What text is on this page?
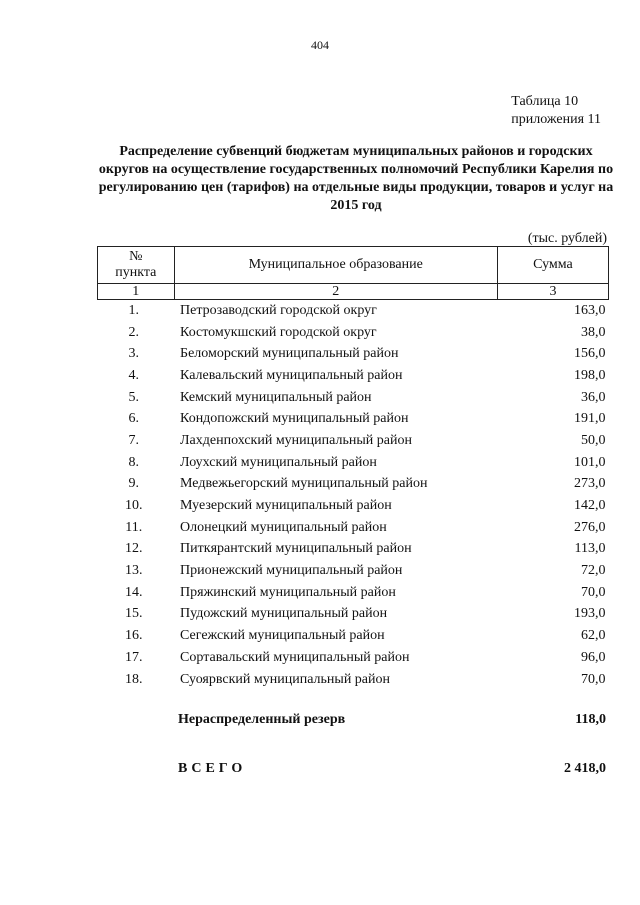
404
Таблица 10
приложения 11
Распределение субвенций бюджетам муниципальных районов и городских округов на осуществление государственных полномочий Республики Карелия по регулированию цен (тарифов) на отдельные виды продукции, товаров и услуг на 2015 год
(тыс. рублей)
№
пункта	Муниципальное образование	Сумма
1	2	3
1.	Петрозаводский городской округ	163,0
2.	Костомукшский городской округ	38,0
3.	Беломорский муниципальный район	156,0
4.	Калевальский муниципальный район	198,0
5.	Кемский муниципальный район	36,0
6.	Кондопожский муниципальный район	191,0
7.	Лахденпохский муниципальный район	50,0
8.	Лоухский муниципальный район	101,0
9.	Медвежьегорский муниципальный район	273,0
10.	Муезерский муниципальный район	142,0
11.	Олонецкий муниципальный район	276,0
12.	Питкярантский муниципальный район	113,0
13.	Прионежский муниципальный район	72,0
14.	Пряжинский муниципальный район	70,0
15.	Пудожский муниципальный район	193,0
16.	Сегежский муниципальный район	62,0
17.	Сортавальский муниципальный район	96,0
18.	Суоярвский муниципальный район	70,0
Нераспределенный резерв	118,0
ВСЕГО	2 418,0
